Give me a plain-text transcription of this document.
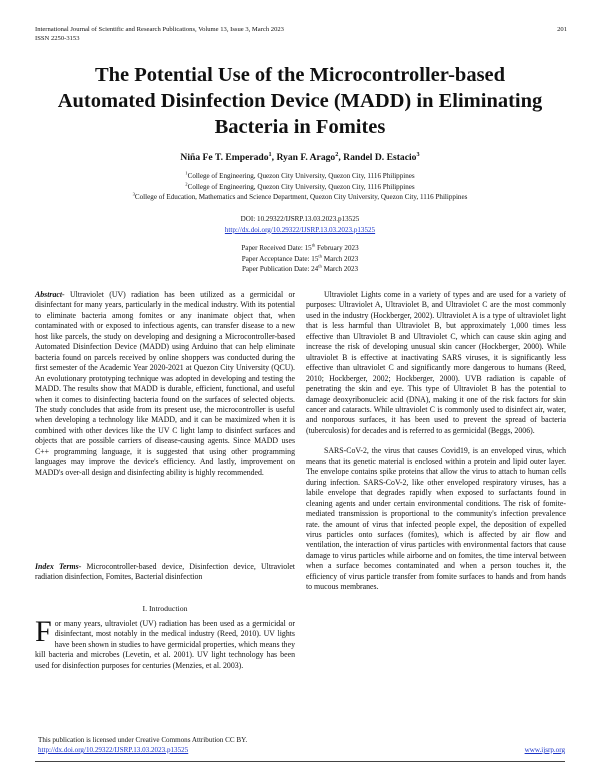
International Journal of Scientific and Research Publications, Volume 13, Issue 3, March 2023
ISSN 2250-3153
201
The Potential Use of the Microcontroller-based
Automated Disinfection Device (MADD) in Eliminating
Bacteria in Fomites
Niña Fe T. Emperado$^1$, Ryan F. Arago$^2$, Randel D. Estacio$^3$
$^1$College of Engineering, Quezon City University, Quezon City, 1116 Philippines
$^2$College of Engineering, Quezon City University, Quezon City, 1116 Philippines
$^3$College of Education, Mathematics and Science Department, Quezon City University, Quezon City, 1116 Philippines
DOI: 10.29322/IJSRP.13.03.2023.p13525
http://dx.doi.org/10.29322/IJSRP.13.03.2023.p13525
Paper Received Date: 15th February 2023
Paper Acceptance Date: 15th March 2023
Paper Publication Date: 24th March 2023

Abstract- Ultraviolet (UV) radiation has been utilized as a germicidal or disinfectant for many years, particularly in the medical industry. With its potential to eliminate bacteria among fomites or any inanimate object that, when contaminated with or exposed to infectious agents, can transfer disease to a new host like parcels, the study on developing and designing a Microcontroller-based Automated Disinfection Device (MADD) using Arduino that can help eliminate bacteria found on parcels received by online shoppers was conducted during the first semester of the Academic Year 2020-2021 at Quezon City University (QCU). An evolutionary prototyping technique was adopted in developing and testing the MADD. The results show that MADD is durable, efficient, functional, and useful when it comes to disinfecting bacteria found on the surfaces of selected objects. The study concludes that aside from its present use, the microcontroller is useful when developing a technology like MADD, and it can be maximized when it is combined with other devices like the UV C light lamp to disinfect surfaces and objects that are possible carriers of disease-causing agents. Since MADD uses C++ programming language, it is suggested that using other programming languages may improve the device's efficiency. And lastly, improvement on MADD's over-all design and disinfecting ability is highly recommended.

Index Terms- Microcontroller-based device, Disinfection device, Ultraviolet radiation disinfection, Fomites, Bacterial disinfection

I. Introduction

For many years, ultraviolet (UV) radiation has been used as a germicidal or disinfectant, most notably in the medical industry (Reed, 2010). UV lights have been shown in studies to have germicidal properties, which means they kill bacteria and microbes (Levetin, et al. 2001). UV light technology has been used for disinfection purposes for centuries (Menzies, et al. 2003).

Ultraviolet Lights come in a variety of types and are used for a variety of purposes: Ultraviolet A, Ultraviolet B, and Ultraviolet C are the most commonly used in the industry (Hockberger, 2002). Ultraviolet A is a type of ultraviolet light that is less harmful than Ultraviolet B, but approximately 1,000 times less effective than Ultraviolet B and Ultraviolet C, which can cause skin aging and increase the risk of developing unusual skin cancer (Hockberger, 2000). While ultraviolet B is effective at inactivating SARS viruses, it is significantly less effective than ultraviolet C and significantly more dangerous to humans (Reed, 2010; Hockberger, 2002; Hockberger, 2000). UVB radiation is capable of penetrating the skin and eye. This type of Ultraviolet B has the potential to damage deoxyribonucleic acid (DNA), making it one of the risk factors for skin cancer and cataracts. While ultraviolet C is commonly used to disinfect air, water, and nonporous surfaces, it has been used to prevent the spread of bacteria (tuberculosis) for decades and is referred to as germicidal (Beggs, 2006).

SARS-CoV-2, the virus that causes Covid19, is an enveloped virus, which means that its genetic material is enclosed within a protein and lipid outer layer. The envelope contains spike proteins that allow the virus to attach to human cells during infection. SARS-CoV-2, like other enveloped respiratory viruses, has a labile envelope that degrades rapidly when exposed to surfactants found in cleaning agents and under certain environmental conditions. The risk of fomite-mediated transmission is proportional to the community's infection prevalence rate. the amount of virus that infected people expel, the deposition of expelled virus particles onto surfaces (fomites), which is affected by air flow and ventilation, the interaction of virus particles with environmental factors that cause damage to virus particles while airborne and on fomites, the time interval between when a surface becomes contaminated and when a person touches it, the efficiency of virus particle transfer from fomite surfaces to hands and from hands to mucous membranes.

This publication is licensed under Creative Commons Attribution CC BY.
http://dx.doi.org/10.29322/IJSRP.13.03.2023.p13525	www.ijsrp.org
